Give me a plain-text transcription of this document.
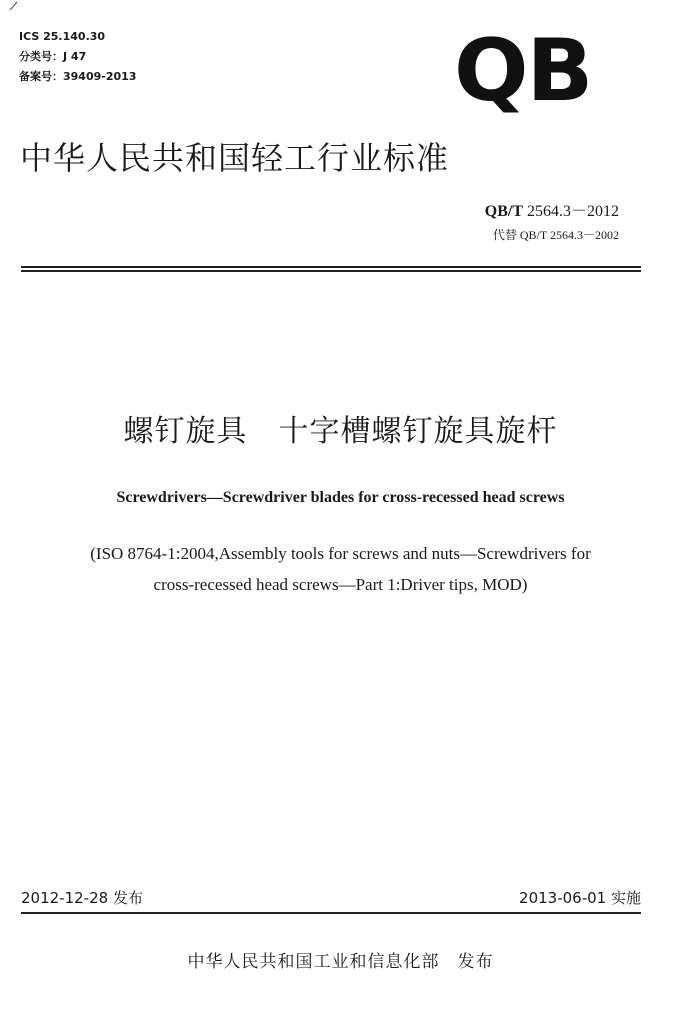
ICS 25.140.30
分类号：J 47
备案号：39409-2013	QB
中华人民共和国轻工行业标准
QB/T 2564.3－2012
代替 QB/T 2564.3－2002
螺钉旋具　十字槽螺钉旋具旋杆
Screwdrivers—Screwdriver blades for cross-recessed head screws
(ISO 8764-1:2004,Assembly tools for screws and nuts—Screwdrivers for
cross-recessed head screws—Part 1:Driver tips, MOD)
2012-12-28 发布	2013-06-01 实施
中华人民共和国工业和信息化部　发布
